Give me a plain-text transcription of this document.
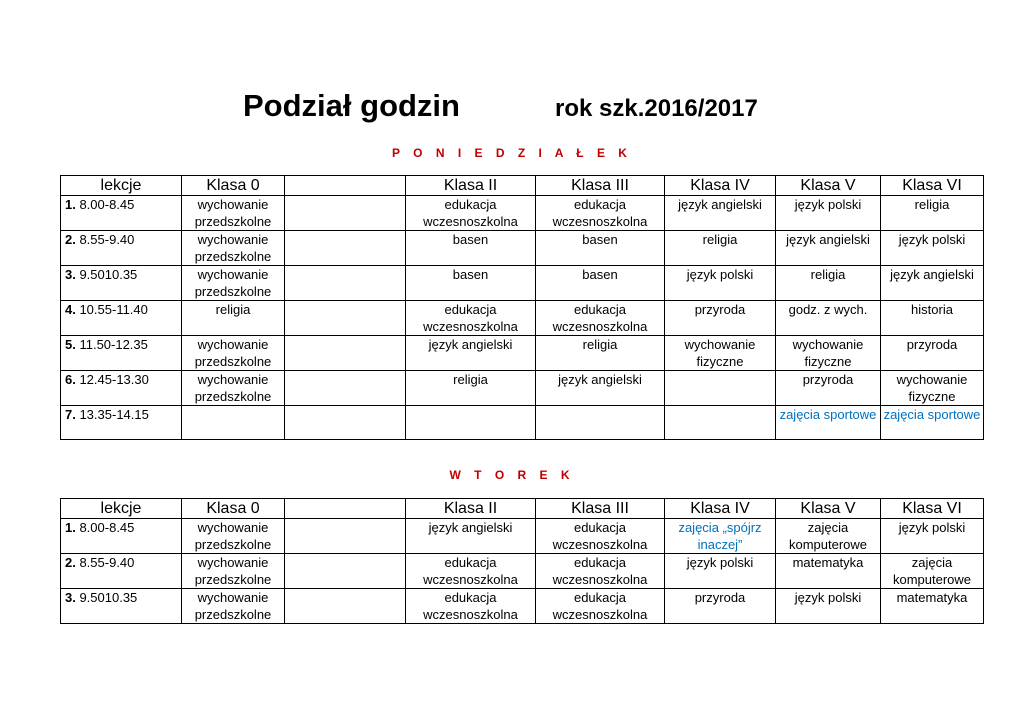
Podział godzin	rok szk.2016/2017
P O N I E D Z I A Ł E K
lekcje	Klasa 0		Klasa II	Klasa III	Klasa IV	Klasa V	Klasa VI
1. 8.00-8.45	wychowanie przedszkolne		edukacja wczesnoszkolna	edukacja wczesnoszkolna	język angielski	język polski	religia
2. 8.55-9.40	wychowanie przedszkolne		basen	basen	religia	język angielski	język polski
3. 9.5010.35	wychowanie przedszkolne		basen	basen	język polski	religia	język angielski
4. 10.55-11.40	religia		edukacja wczesnoszkolna	edukacja wczesnoszkolna	przyroda	godz. z wych.	historia
5. 11.50-12.35	wychowanie przedszkolne		język angielski	religia	wychowanie fizyczne	wychowanie fizyczne	przyroda
6. 12.45-13.30	wychowanie przedszkolne		religia	język angielski		przyroda	wychowanie fizyczne
7. 13.35-14.15						zajęcia sportowe	zajęcia sportowe
W T O R E K
lekcje	Klasa 0		Klasa II	Klasa III	Klasa IV	Klasa V	Klasa VI
1. 8.00-8.45	wychowanie przedszkolne		język angielski	edukacja wczesnoszkolna	zajęcia „spójrz inaczej”	zajęcia komputerowe	język polski
2. 8.55-9.40	wychowanie przedszkolne		edukacja wczesnoszkolna	edukacja wczesnoszkolna	język polski	matematyka	zajęcia komputerowe
3. 9.5010.35	wychowanie przedszkolne		edukacja wczesnoszkolna	edukacja wczesnoszkolna	przyroda	język polski	matematyka
